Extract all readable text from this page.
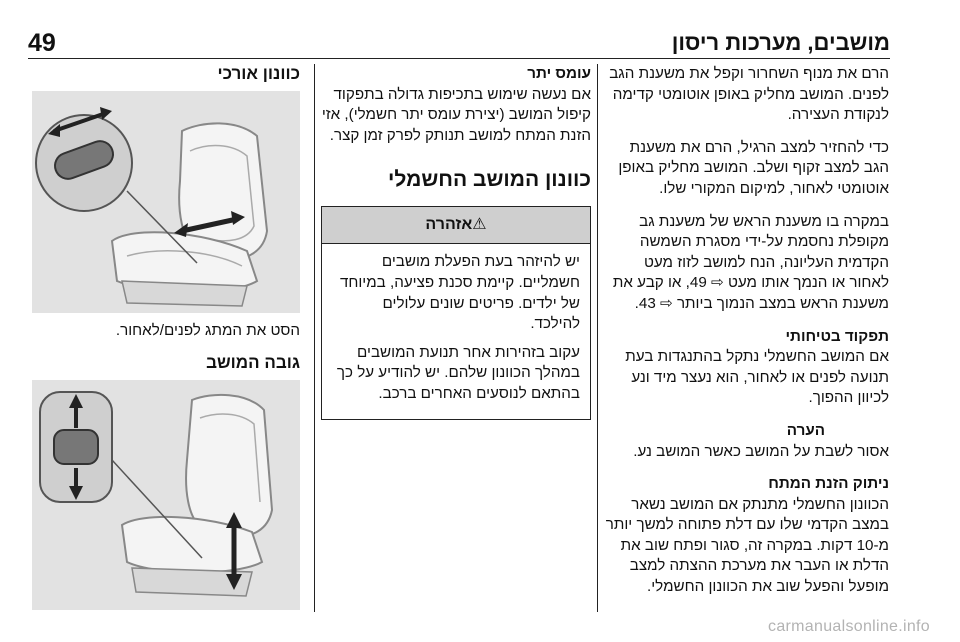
49	מושבים, מערכות ריסון

הרם את מנוף השחרור וקפל את משענת הגב לפנים. המושב מחליק באופן אוטומטי קדימה לנקודת העצירה.

כדי להחזיר למצב הרגיל, הרם את משענת הגב למצב זקוף ושלב. המושב מחליק באופן אוטומטי לאחור, למיקום המקורי שלו.

במקרה בו משענת הראש של משענת גב מקופלת נחסמת על-ידי מסגרת השמשה הקדמית העליונה, הנח למושב לזוז מעט לאחור או הנמך אותו מעט ⇨ 49, או קבע את משענת הראש במצב הנמוך ביותר ⇨ 43.

תפקוד בטיחותי

אם המושב החשמלי נתקל בהתנגדות בעת תנועה לפנים או לאחור, הוא נעצר מיד ונע לכיוון ההפוך.

הערה

אסור לשבת על המושב כאשר המושב נע.

ניתוק הזנת המתח

הכוונון החשמלי מתנתק אם המושב נשאר במצב הקדמי שלו עם דלת פתוחה למשך יותר מ-10 דקות. במקרה זה, סגור ופתח שוב את הדלת או העבר את מערכת ההצתה למצב מופעל והפעל שוב את הכוונון החשמלי.

עומס יתר

אם נעשה שימוש בתכיפות גדולה בתפקוד קיפול המושב (יצירת עומס יתר חשמלי), אזי הזנת המתח למושב תנותק לפרק זמן קצר.

כוונון המושב החשמלי
⚠אזהרה

יש להיזהר בעת הפעלת מושבים חשמליים. קיימת סכנת פציעה, במיוחד של ילדים. פריטים שונים עלולים להילכד.

עקוב בזהירות אחר תנועת המושבים במהלך הכוונון שלהם. יש להודיע על כך בהתאם לנוסעים האחרים ברכב.

כוונון אורכי

הסט את המתג לפנים/לאחור.

גובה המושב
carmanualsonline.info
